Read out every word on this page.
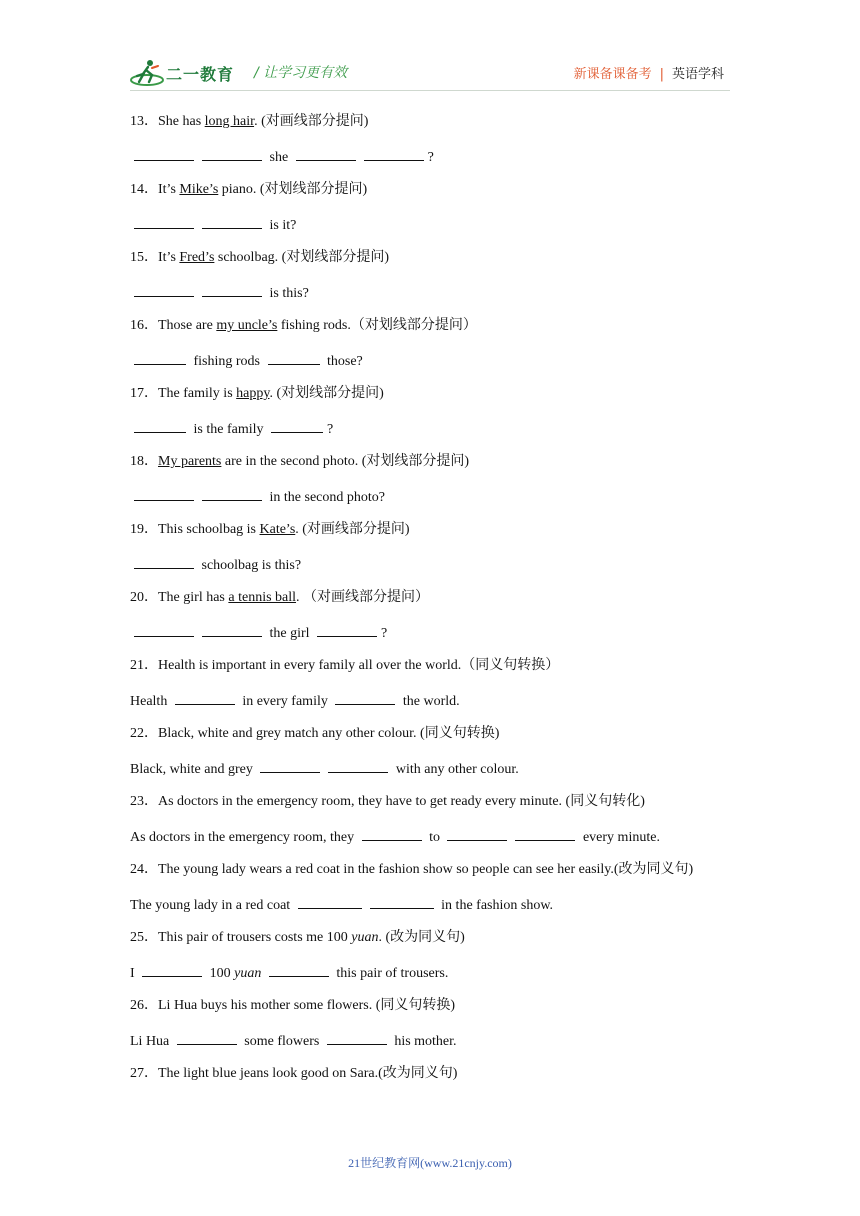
二一教育 / 让学习更有效	新课备课备考 | 英语学科
13．She has long hair. (对画线部分提问)
she	?
14．It’s Mike’s piano. (对划线部分提问)
is it?
15．It’s Fred’s schoolbag. (对划线部分提问)
is this?
16．Those are my uncle’s fishing rods.（对划线部分提问）
fishing rods	those?
17．The family is happy. (对划线部分提问)
is the family	?
18．My parents are in the second photo. (对划线部分提问)
in the second photo?
19．This schoolbag is Kate’s. (对画线部分提问)
schoolbag is this?
20．The girl has a tennis ball. （对画线部分提问）
the girl	?
21．Health is important in every family all over the world.（同义句转换）
Health	in every family	the world.
22．Black, white and grey match any other colour. (同义句转换)
Black, white and grey	with any other colour.
23．As doctors in the emergency room, they have to get ready every minute. (同义句转化)
As doctors in the emergency room, they	to	every minute.
24．The young lady wears a red coat in the fashion show so people can see her easily.(改为同义句)
The young lady in a red coat	in the fashion show.
25．This pair of trousers costs me 100 yuan. (改为同义句)
I	100 yuan	this pair of trousers.
26．Li Hua buys his mother some flowers. (同义句转换)
Li Hua	some flowers	his mother.
27．The light blue jeans look good on Sara.(改为同义句)
21世纪教育网(www.21cnjy.com)
